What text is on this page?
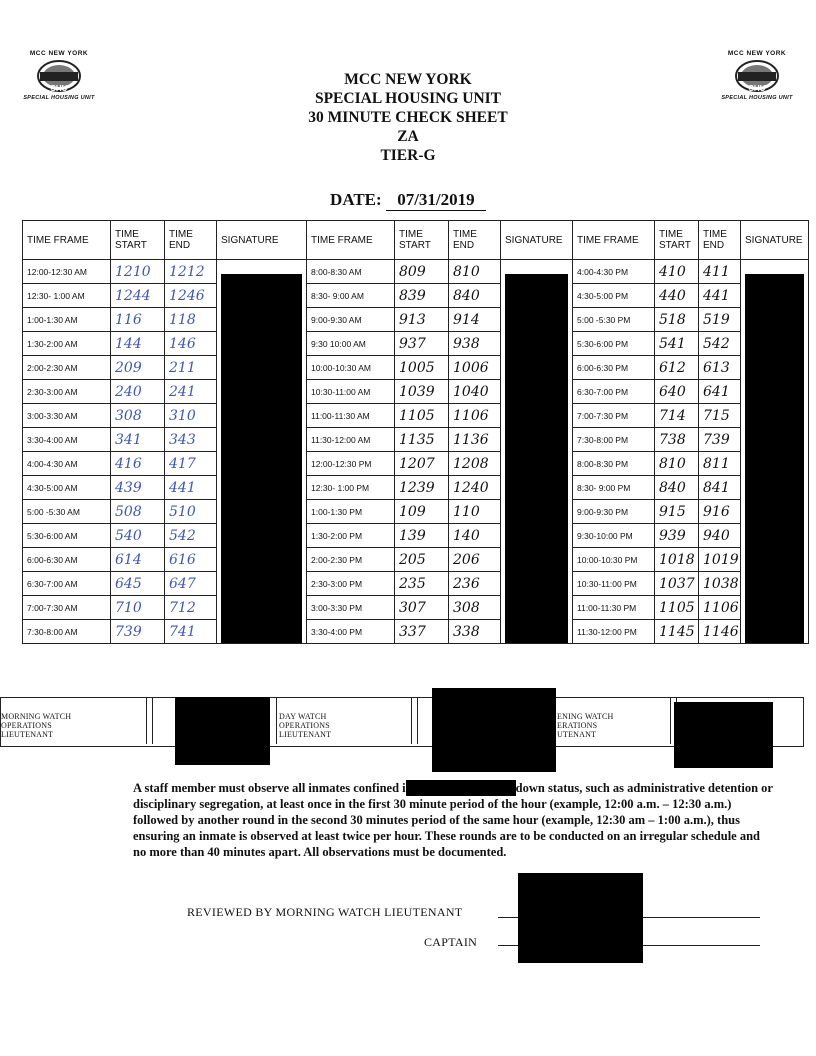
MCC NEW YORK
SHU
SPECIAL HOUSING UNIT
MCC NEW YORK
SHU
SPECIAL HOUSING UNIT
MCC NEW YORK
SPECIAL HOUSING UNIT
30 MINUTE CHECK SHEET
ZA
TIER-G
DATE: 07/31/2019
TIME FRAME	TIME START	TIME END	SIGNATURE	TIME FRAME	TIME START	TIME END	SIGNATURE	TIME FRAME	TIME START	TIME END	SIGNATURE
12:00-12:30 AM	1210	1212		8:00-8:30 AM	809	810		4:00-4:30 PM	410	411	

12:30- 1:00 AM	1244	1246		8:30- 9:00 AM	839	840		4:30-5:00 PM	440	441	
1:00-1:30 AM	116	118		9:00-9:30 AM	913	914		5:00 -5:30 PM	518	519	
1:30-2:00 AM	144	146		9:30 10:00 AM	937	938		5:30-6:00 PM	541	542	
2:00-2:30 AM	209	211		10:00-10:30 AM	1005	1006		6:00-6:30 PM	612	613	
2:30-3:00 AM	240	241		10:30-11:00 AM	1039	1040		6:30-7:00 PM	640	641	
3:00-3:30 AM	308	310		11:00-11:30 AM	1105	1106		7:00-7:30 PM	714	715	
3:30-4:00 AM	341	343		11:30-12:00 AM	1135	1136		7:30-8:00 PM	738	739	
4:00-4:30 AM	416	417		12:00-12:30 PM	1207	1208		8:00-8:30 PM	810	811	
4:30-5:00 AM	439	441		12:30- 1:00 PM	1239	1240		8:30- 9:00 PM	840	841	
5:00 -5:30 AM	508	510		1:00-1:30 PM	109	110		9:00-9:30 PM	915	916	
5:30-6:00 AM	540	542		1:30-2:00 PM	139	140		9:30-10:00 PM	939	940	
6:00-6:30 AM	614	616		2:00-2:30 PM	205	206		10:00-10:30 PM	1018	1019	
6:30-7:00 AM	645	647		2:30-3:00 PM	235	236		10:30-11:00 PM	1037	1038	
7:00-7:30 AM	710	712		3:00-3:30 PM	307	308		11:00-11:30 PM	1105	1106	
7:30-8:00 AM	739	741		3:30-4:00 PM	337	338		11:30-12:00 PM	1145	1146	
MORNING WATCH
OPERATIONS
LIEUTENANT
DAY WATCH
OPERATIONS
LIEUTENANT
ENING WATCH
ERATIONS
UTENANT
A staff member must observe all inmates confined i	down status, such as administrative detention or disciplinary segregation, at least once in the first 30 minute period of the hour (example, 12:00 a.m. – 12:30 a.m.) followed by another round in the second 30 minutes period of the same hour (example, 12:30 am – 1:00 a.m.), thus ensuring an inmate is observed at least twice per hour. These rounds are to be conducted on an irregular schedule and no more than 40 minutes apart. All observations must be documented.
REVIEWED BY MORNING WATCH LIEUTENANT
CAPTAIN
